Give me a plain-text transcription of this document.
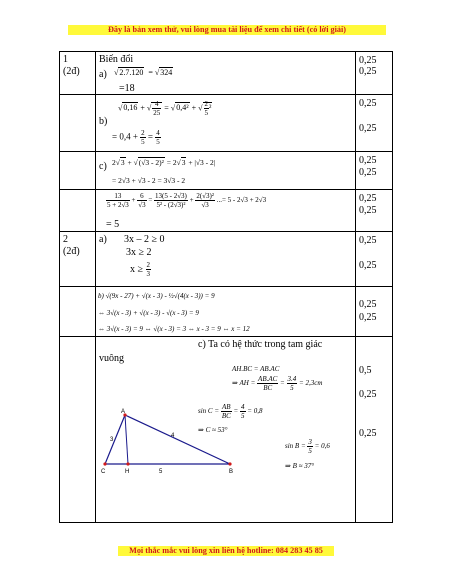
Đây là bản xem thử, vui lòng mua tài liệu để xem chi tiết (có lời giải)
1
(2đ)
Biến đổi
a) √2.7.120  = √324
=18
0,25
0,25
b)
√0,16 + √ $\frac{4}{25} = √0,4^2$ + √ $\frac{2}{5} ^2$
= $0,4 + \frac{2}{5} = \frac{4}{5}$
0,25
0,25
c) 2√3 + √(√3 - 2)² = 2√3 + |√3 - 2|
= 2√3 + √3 - 2 = 3√3 - 2
0,25
0,25
$\frac{13}{5 + 2√3} + \frac{6}{√3} = \frac{13(5 - 2√3)}{\text{5² - (2√3)²}} + \frac{\text{2(√3)²}}{√3}$ ...= 5 - 2√3 + 2√3
= 5
0,25
0,25
2
(2đ)
a) 3x – 2 ≥ 0
3x ≥ 2
$x \ge \frac{2}{3}$
0,25
0,25
b) √(9x - 27) + √(x - 3) - ½√(4(x - 3)) = 9
⇔ 3√(x - 3) + √(x - 3) - √(x - 3) = 9
⇔ 3√(x - 3) = 9 ⇔ √(x - 3) = 3 ⇔ x - 3 = 9 ⇔ x = 12
0,25
0,25
c) Ta có hệ thức trong tam giác
vuông
AH.BC = AB.AC
⇒ AH = $\frac{AB.AC}{BC} = \frac{3.4}{5} = 2,3cm$
$\sin C = \frac{AB}{BC} = \frac{4}{5} = 0,8$
⇒ C ≈ 53°
$\sin B = \frac{3}{5} = 0,6$
⇒ B ≈ 37°
A
C	H	B
3
4
5
0,5
0,25
0,25
Mọi thắc mắc vui lòng xin liên hệ hotline: 084 283 45 85
